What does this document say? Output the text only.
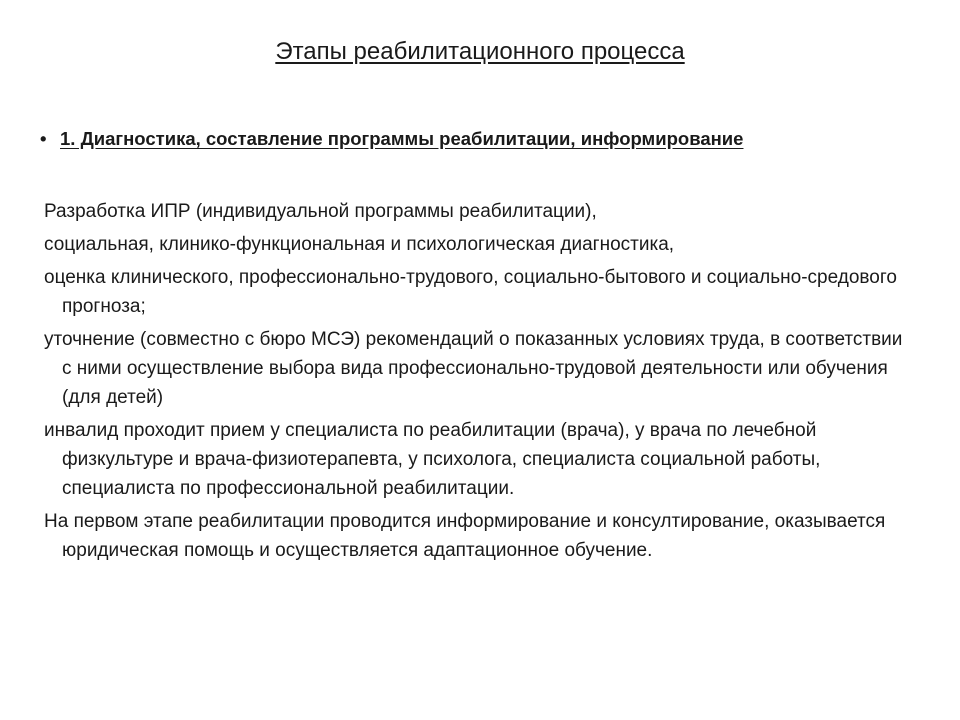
Этапы реабилитационного процесса
• 1. Диагностика, составление программы реабилитации, информирование

Разработка ИПР (индивидуальной программы реабилитации),

социальная, клинико-функциональная и психологическая диагностика,

оценка клинического, профессионально-трудового, социально-бытового и социально-средового прогноза;

уточнение (совместно с бюро МСЭ) рекомендаций о показанных условиях труда, в соответствии с ними осуществление выбора вида профессионально-трудовой деятельности или обучения (для детей)

инвалид проходит прием у специалиста по реабилитации (врача), у врача по лечебной физкультуре и врача-физиотерапевта, у психолога, специалиста социальной работы, специалиста по профессиональной реабилитации.

На первом этапе реабилитации проводится информирование и консултирование, оказывается юридическая помощь и осуществляется адаптационное обучение.
